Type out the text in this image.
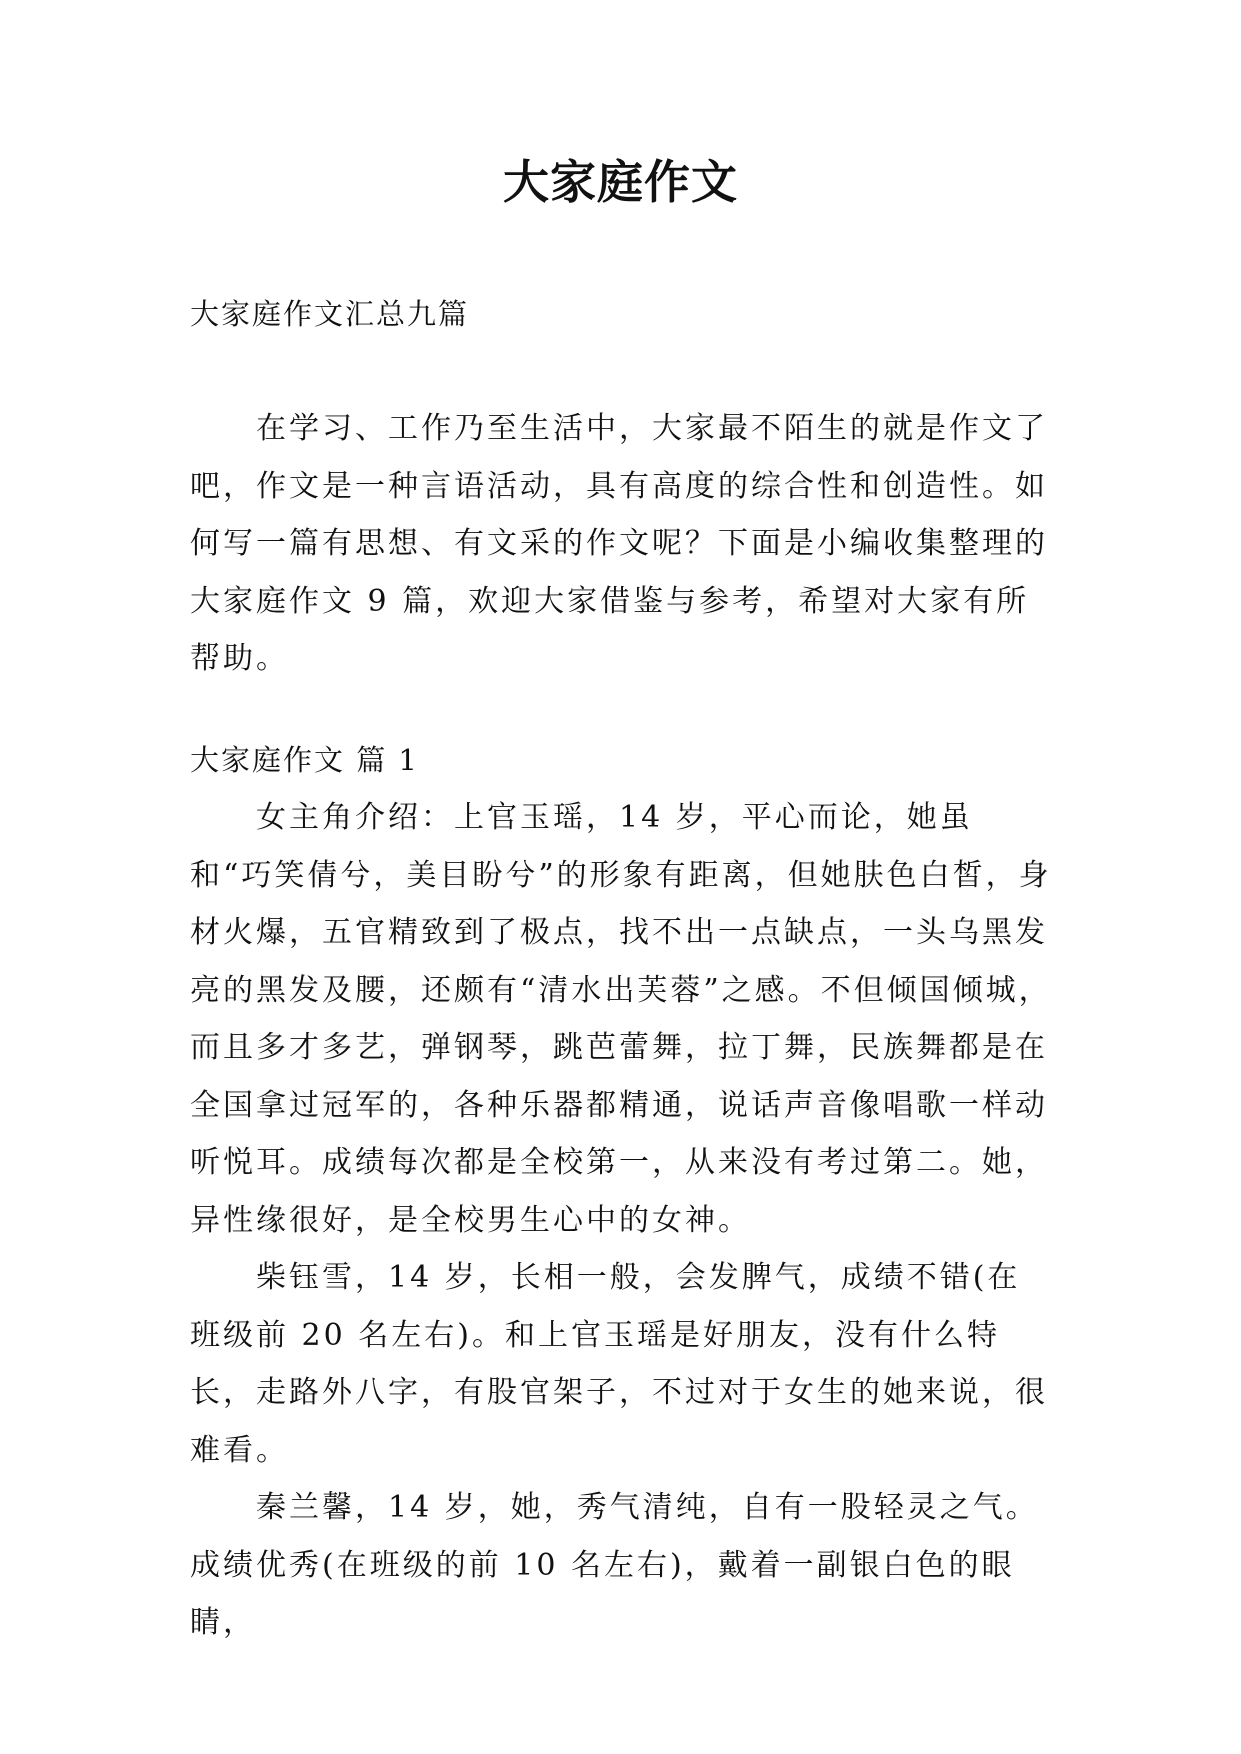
大家庭作文
大家庭作文汇总九篇

在学习、工作乃至生活中，大家最不陌生的就是作文了吧，作文是一种言语活动，具有高度的综合性和创造性。如何写一篇有思想、有文采的作文呢？下面是小编收集整理的大家庭作文 9 篇，欢迎大家借鉴与参考，希望对大家有所帮助。

大家庭作文 篇 1

女主角介绍：上官玉瑶，14 岁，平心而论，她虽和“巧笑倩兮，美目盼兮”的形象有距离，但她肤色白皙，身材火爆，五官精致到了极点，找不出一点缺点，一头乌黑发亮的黑发及腰，还颇有“清水出芙蓉”之感。不但倾国倾城，而且多才多艺，弹钢琴，跳芭蕾舞，拉丁舞，民族舞都是在全国拿过冠军的，各种乐器都精通，说话声音像唱歌一样动听悦耳。成绩每次都是全校第一，从来没有考过第二。她，异性缘很好，是全校男生心中的女神。

柴钰雪，14 岁，长相一般，会发脾气，成绩不错(在班级前 20 名左右)。和上官玉瑶是好朋友，没有什么特长，走路外八字，有股官架子，不过对于女生的她来说，很难看。

秦兰馨，14 岁，她，秀气清纯，自有一股轻灵之气。成绩优秀(在班级的前 10 名左右)，戴着一副银白色的眼睛，
